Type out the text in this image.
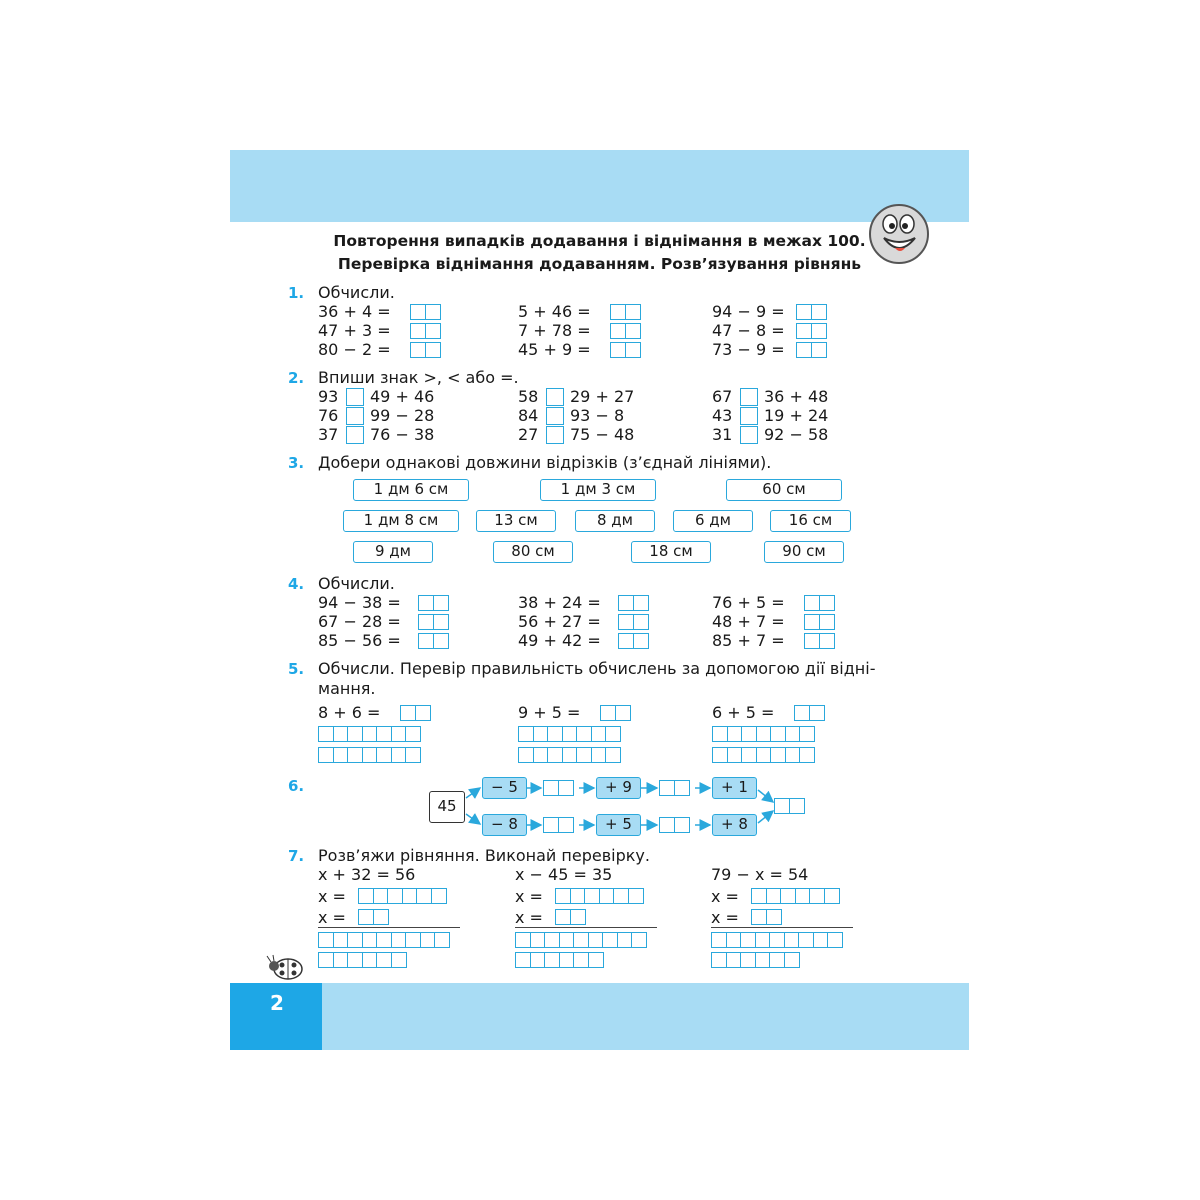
Повторення випадків додавання і віднімання в межах 100.
Перевірка віднімання додаванням. Розв’язування рівнянь
1. Обчисли.
36 + 4 =	5 + 46 =	94 − 9 =
47 + 3 =	7 + 78 =	47 − 8 =
80 − 2 =	45 + 9 =	73 − 9 =
2. Впиши знак >, < або =.
93 49 + 46	58 29 + 27	67 36 + 48
76 99 − 28	84 93 − 8	43 19 + 24
37 76 − 38	27 75 − 48	31 92 − 58
3. Добери однакові довжини відрізків (з’єднай лініями).
1 дм 6 см	1 дм 3 см	60 см
1 дм 8 см	13 см	8 дм	6 дм	16 см
9 дм	80 см	18 см	90 см
4. Обчисли.
94 − 38 =	38 + 24 =	76 + 5 =
67 − 28 =	56 + 27 =	48 + 7 =
85 − 56 =	49 + 42 =	85 + 7 =
5. Обчисли. Перевір правильність обчислень за допомогою дії відні-
мання.
8 + 6 =	9 + 5 =	6 + 5 =
6.
45
− 5	+ 9	+ 1
− 8	+ 5	+ 8
7. Розв’яжи рівняння. Виконай перевірку.
x + 32 = 56
x =
x =
x − 45 = 35
x =
x =
79 − x = 54
x =
x =
2
